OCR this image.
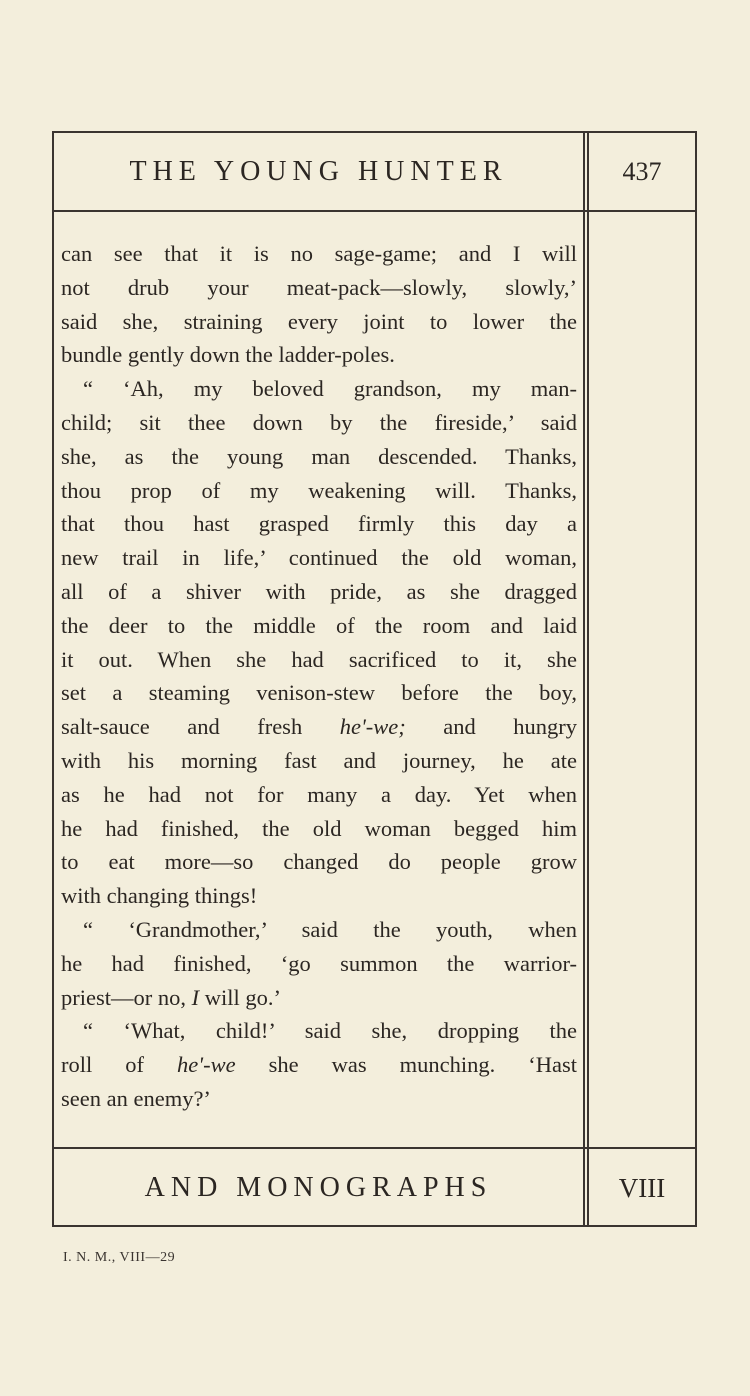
THE YOUNG HUNTER	437
can see that it is no sage-game; and I will
not drub your meat-pack—slowly, slowly,’
said she, straining every joint to lower the
bundle gently down the ladder-poles.
“ ‘Ah, my beloved grandson, my man-
child; sit thee down by the fireside,’ said
she, as the young man descended. Thanks,
thou prop of my weakening will. Thanks,
that thou hast grasped firmly this day a
new trail in life,’ continued the old woman,
all of a shiver with pride, as she dragged
the deer to the middle of the room and laid
it out. When she had sacrificed to it, she
set a steaming venison-stew before the boy,
salt-sauce and fresh he'-we; and hungry
with his morning fast and journey, he ate
as he had not for many a day. Yet when
he had finished, the old woman begged him
to eat more—so changed do people grow
with changing things!
“ ‘Grandmother,’ said the youth, when
he had finished, ‘go summon the warrior-
priest—or no, I will go.’
“ ‘What, child!’ said she, dropping the
roll of he'-we she was munching. ‘Hast
seen an enemy?’
AND MONOGRAPHS	VIII
I. N. M., VIII—29
